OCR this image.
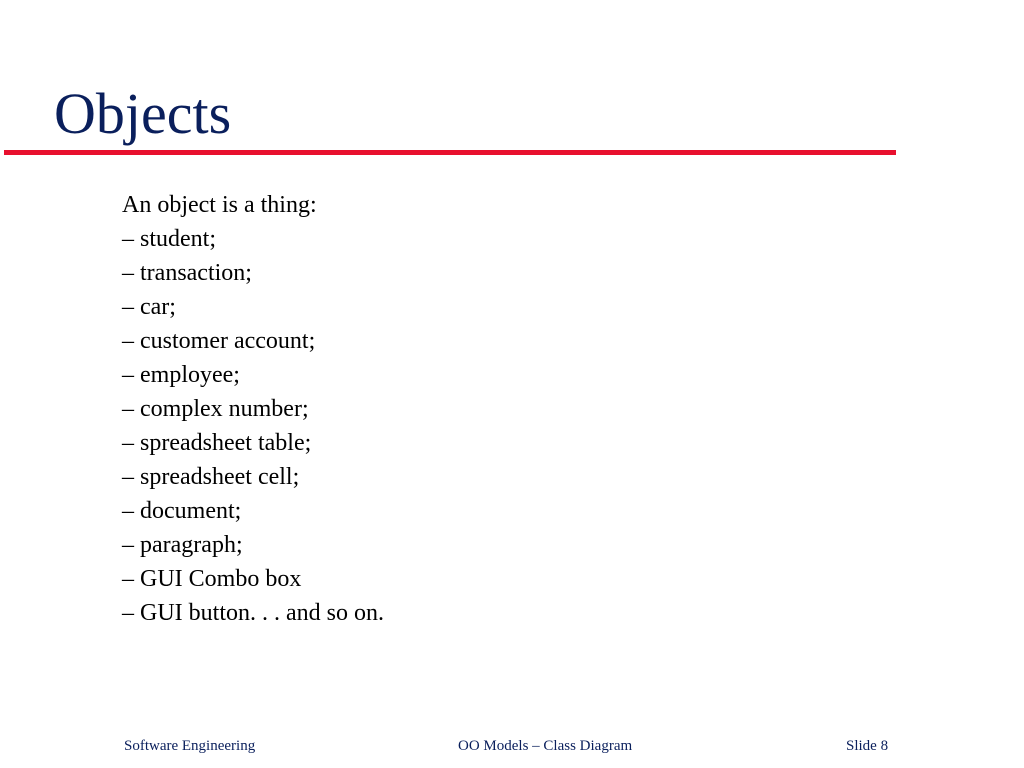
Objects
An object is a thing:
– student;
– transaction;
– car;
– customer account;
– employee;
– complex number;
– spreadsheet table;
– spreadsheet cell;
– document;
– paragraph;
– GUI Combo box
– GUI button. . . and so on.
Software Engineering	OO Models – Class Diagram	Slide 8
